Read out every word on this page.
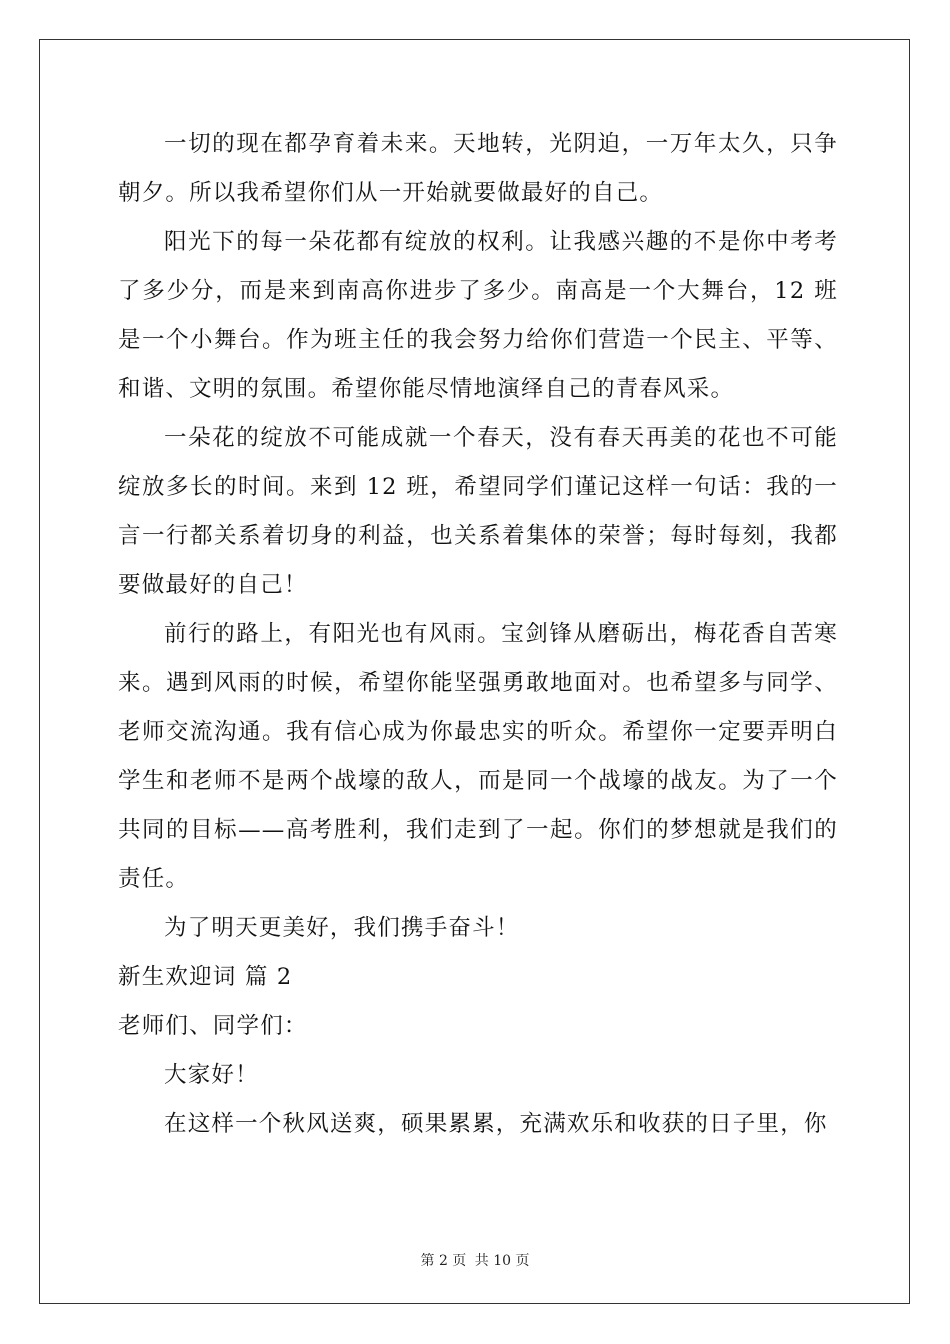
一切的现在都孕育着未来。天地转，光阴迫，一万年太久，只争朝夕。所以我希望你们从一开始就要做最好的自己。

阳光下的每一朵花都有绽放的权利。让我感兴趣的不是你中考考了多少分，而是来到南高你进步了多少。南高是一个大舞台，12 班是一个小舞台。作为班主任的我会努力给你们营造一个民主、平等、和谐、文明的氛围。希望你能尽情地演绎自己的青春风采。

一朵花的绽放不可能成就一个春天，没有春天再美的花也不可能绽放多长的时间。来到 12 班，希望同学们谨记这样一句话：我的一言一行都关系着切身的利益，也关系着集体的荣誉；每时每刻，我都要做最好的自己！

前行的路上，有阳光也有风雨。宝剑锋从磨砺出，梅花香自苦寒来。遇到风雨的时候，希望你能坚强勇敢地面对。也希望多与同学、老师交流沟通。我有信心成为你最忠实的听众。希望你一定要弄明白学生和老师不是两个战壕的敌人，而是同一个战壕的战友。为了一个共同的目标——高考胜利，我们走到了一起。你们的梦想就是我们的责任。

为了明天更美好，我们携手奋斗！

新生欢迎词 篇 2

老师们、同学们：

大家好！

在这样一个秋风送爽，硕果累累，充满欢乐和收获的日子里，你

第 2 页 共 10 页
